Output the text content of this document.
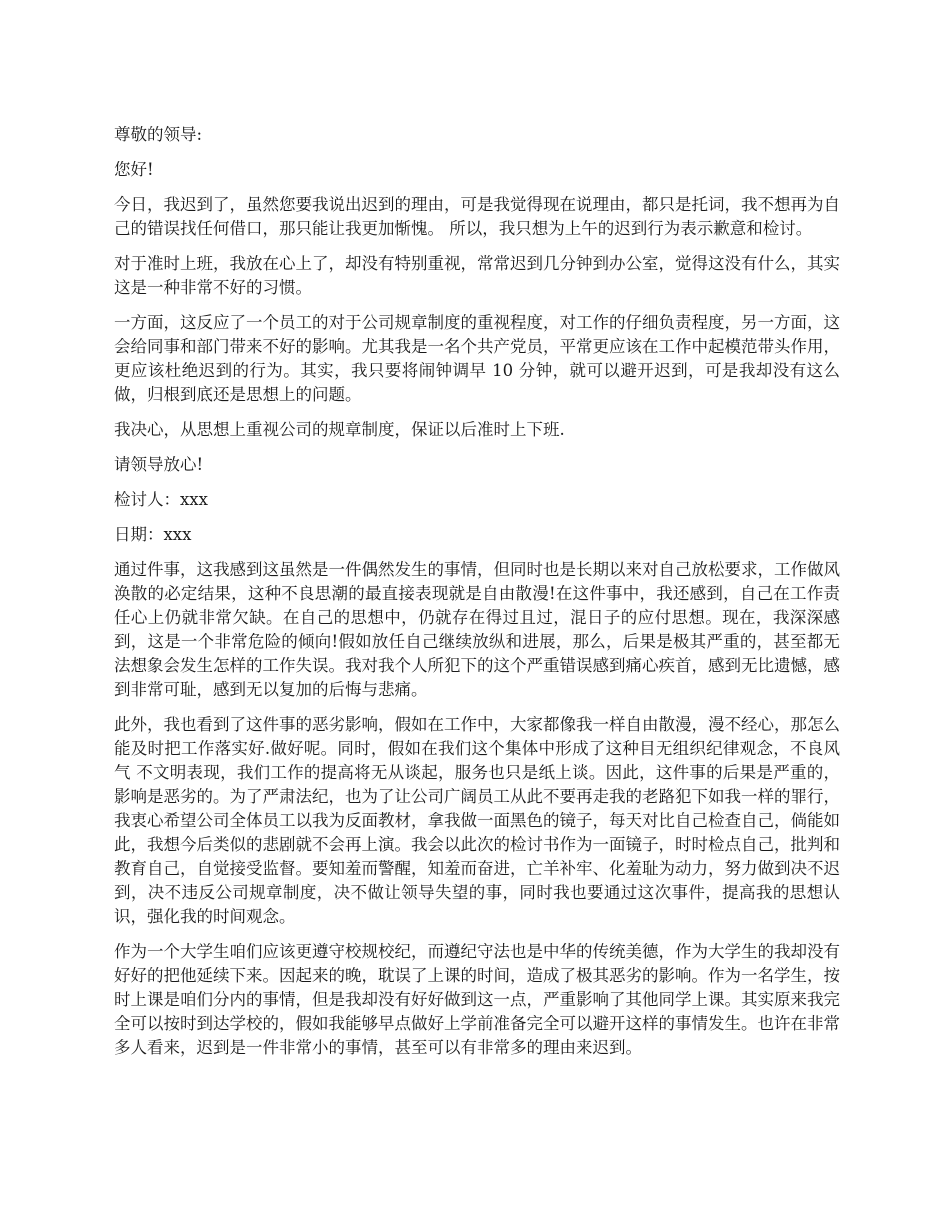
尊敬的领导:

您好!

今日，我迟到了，虽然您要我说出迟到的理由，可是我觉得现在说理由，都只是托词，我不想再为自己的错误找任何借口，那只能让我更加惭愧。 所以，我只想为上午的迟到行为表示歉意和检讨。

对于准时上班，我放在心上了，却没有特别重视，常常迟到几分钟到办公室，觉得这没有什么，其实这是一种非常不好的习惯。

一方面，这反应了一个员工的对于公司规章制度的重视程度，对工作的仔细负责程度，另一方面，这会给同事和部门带来不好的影响。尤其我是一名个共产党员，平常更应该在工作中起模范带头作用，更应该杜绝迟到的行为。其实，我只要将闹钟调早 10 分钟，就可以避开迟到，可是我却没有这么做，归根到底还是思想上的问题。

我决心，从思想上重视公司的规章制度，保证以后准时上下班.

请领导放心!

检讨人：xxx

日期：xxx

通过件事，这我感到这虽然是一件偶然发生的事情，但同时也是长期以来对自己放松要求，工作做风涣散的必定结果，这种不良思潮的最直接表现就是自由散漫!在这件事中，我还感到，自己在工作责任心上仍就非常欠缺。在自己的思想中，仍就存在得过且过，混日子的应付思想。现在，我深深感到，这是一个非常危险的倾向!假如放任自己继续放纵和进展，那么，后果是极其严重的，甚至都无法想象会发生怎样的工作失误。我对我个人所犯下的这个严重错误感到痛心疾首，感到无比遗憾，感到非常可耻，感到无以复加的后悔与悲痛。

此外，我也看到了这件事的恶劣影响，假如在工作中，大家都像我一样自由散漫，漫不经心，那怎么能及时把工作落实好.做好呢。同时，假如在我们这个集体中形成了这种目无组织纪律观念，不良风气 不文明表现，我们工作的提高将无从谈起，服务也只是纸上谈。因此，这件事的后果是严重的，影响是恶劣的。为了严肃法纪，也为了让公司广阔员工从此不要再走我的老路犯下如我一样的罪行，我衷心希望公司全体员工以我为反面教材，拿我做一面黑色的镜子，每天对比自己检查自己，倘能如此，我想今后类似的悲剧就不会再上演。我会以此次的检讨书作为一面镜子，时时检点自己，批判和教育自己，自觉接受监督。要知羞而警醒，知羞而奋进，亡羊补牢、化羞耻为动力，努力做到决不迟到，决不违反公司规章制度，决不做让领导失望的事，同时我也要通过这次事件，提高我的思想认识，强化我的时间观念。

作为一个大学生咱们应该更遵守校规校纪，而遵纪守法也是中华的传统美德，作为大学生的我却没有好好的把他延续下来。因起来的晚，耽误了上课的时间，造成了极其恶劣的影响。作为一名学生，按时上课是咱们分内的事情，但是我却没有好好做到这一点，严重影响了其他同学上课。其实原来我完全可以按时到达学校的，假如我能够早点做好上学前准备完全可以避开这样的事情发生。也许在非常多人看来，迟到是一件非常小的事情，甚至可以有非常多的理由来迟到。
